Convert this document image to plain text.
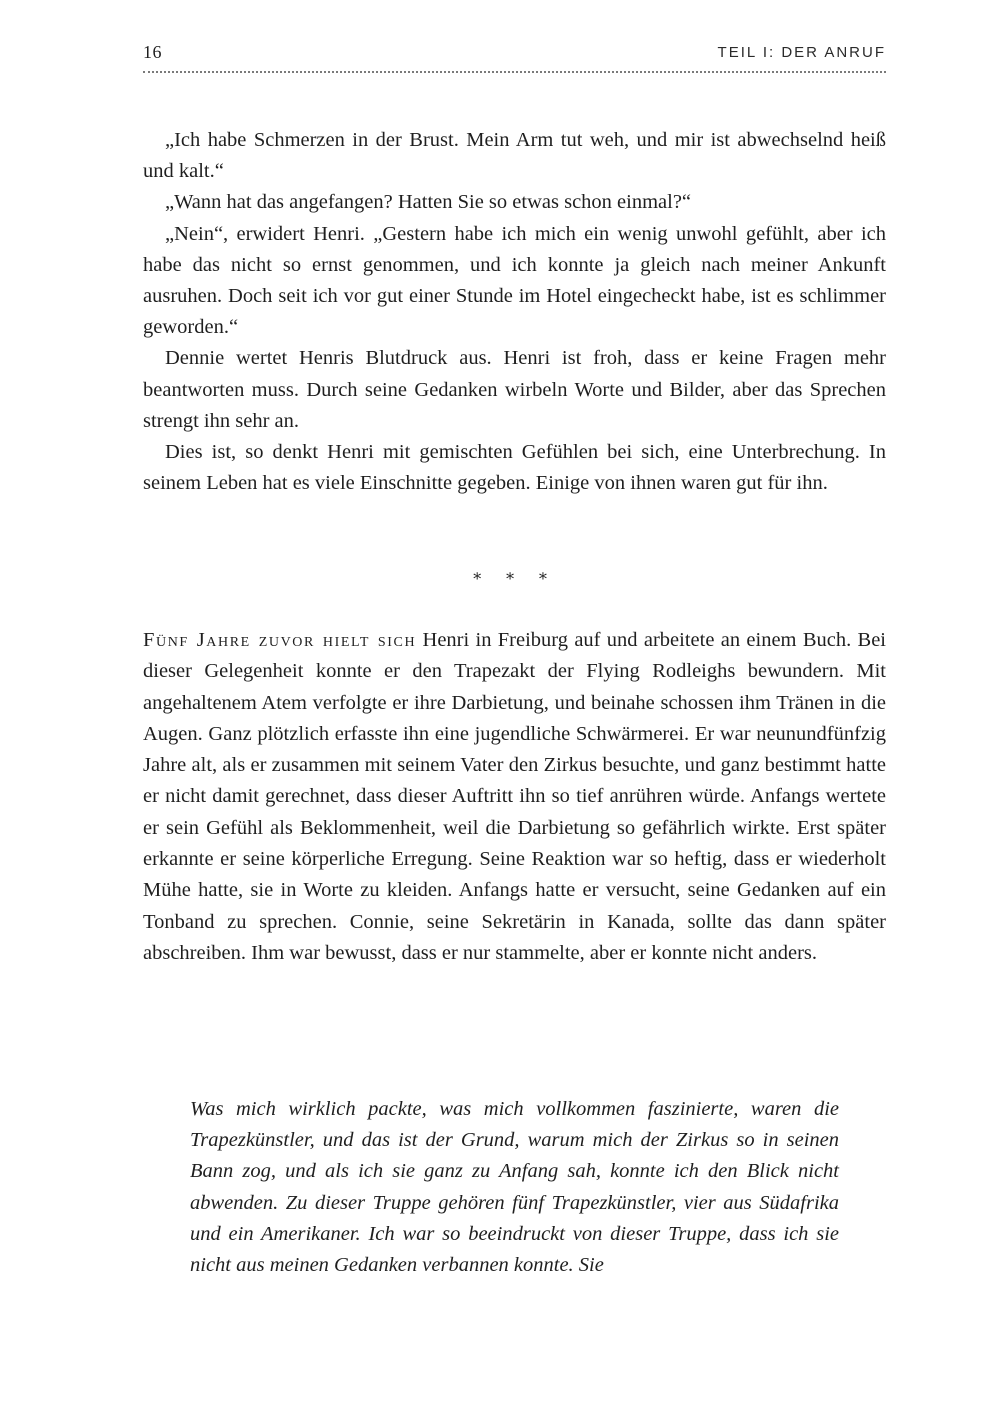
16	TEIL I: DER ANRUF

„Ich habe Schmerzen in der Brust. Mein Arm tut weh, und mir ist abwechselnd heiß und kalt.“

„Wann hat das angefangen? Hatten Sie so etwas schon einmal?“

„Nein“, erwidert Henri. „Gestern habe ich mich ein wenig unwohl gefühlt, aber ich habe das nicht so ernst genommen, und ich konnte ja gleich nach meiner Ankunft ausruhen. Doch seit ich vor gut einer Stunde im Hotel eingecheckt habe, ist es schlimmer geworden.“

Dennie wertet Henris Blutdruck aus. Henri ist froh, dass er keine Fragen mehr beantworten muss. Durch seine Gedanken wirbeln Worte und Bilder, aber das Sprechen strengt ihn sehr an.

Dies ist, so denkt Henri mit gemischten Gefühlen bei sich, eine Unterbrechung. In seinem Leben hat es viele Einschnitte gegeben. Einige von ihnen waren gut für ihn.

∗ ∗ ∗

Fünf Jahre zuvor hielt sich Henri in Freiburg auf und arbeitete an einem Buch. Bei dieser Gelegenheit konnte er den Trapezakt der Flying Rodleighs bewundern. Mit angehaltenem Atem verfolgte er ihre Darbietung, und beinahe schossen ihm Tränen in die Augen. Ganz plötzlich erfasste ihn eine jugendliche Schwärmerei. Er war neunundfünfzig Jahre alt, als er zusammen mit seinem Vater den Zirkus besuchte, und ganz bestimmt hatte er nicht damit gerechnet, dass dieser Auftritt ihn so tief anrühren würde. Anfangs wertete er sein Gefühl als Beklommenheit, weil die Darbietung so gefährlich wirkte. Erst später erkannte er seine körperliche Erregung. Seine Reaktion war so heftig, dass er wiederholt Mühe hatte, sie in Worte zu kleiden. Anfangs hatte er versucht, seine Gedanken auf ein Tonband zu sprechen. Connie, seine Sekretärin in Kanada, sollte das dann später abschreiben. Ihm war bewusst, dass er nur stammelte, aber er konnte nicht anders.

Was mich wirklich packte, was mich vollkommen faszinierte, waren die Trapezkünstler, und das ist der Grund, warum mich der Zirkus so in seinen Bann zog, und als ich sie ganz zu Anfang sah, konnte ich den Blick nicht abwenden. Zu dieser Truppe gehören fünf Trapezkünstler, vier aus Südafrika und ein Amerikaner. Ich war so beeindruckt von dieser Truppe, dass ich sie nicht aus meinen Gedanken verbannen konnte. Sie
